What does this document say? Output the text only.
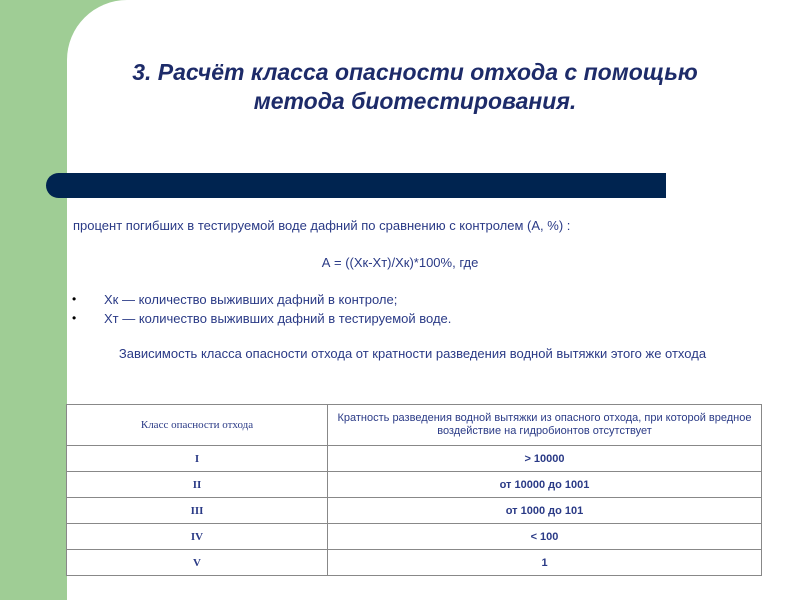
3. Расчёт класса опасности отхода с помощью
метода биотестирования.
процент погибших в тестируемой воде дафний по сравнению с контролем (А, %) :
А = ((Хк-Хт)/Хк)*100%, где
• Хк — количество выживших дафний в контроле;
• Хт — количество выживших дафний в тестируемой воде.
Зависимость класса опасности отхода от кратности разведения водной вытяжки этого же отхода
Класс опасности отхода	Кратность разведения водной вытяжки из опасного отхода, при которой вредное воздействие на гидробионтов отсутствует
I	> 10000
II	от 10000 до 1001
III	от 1000 до 101
IV	< 100
V	1
